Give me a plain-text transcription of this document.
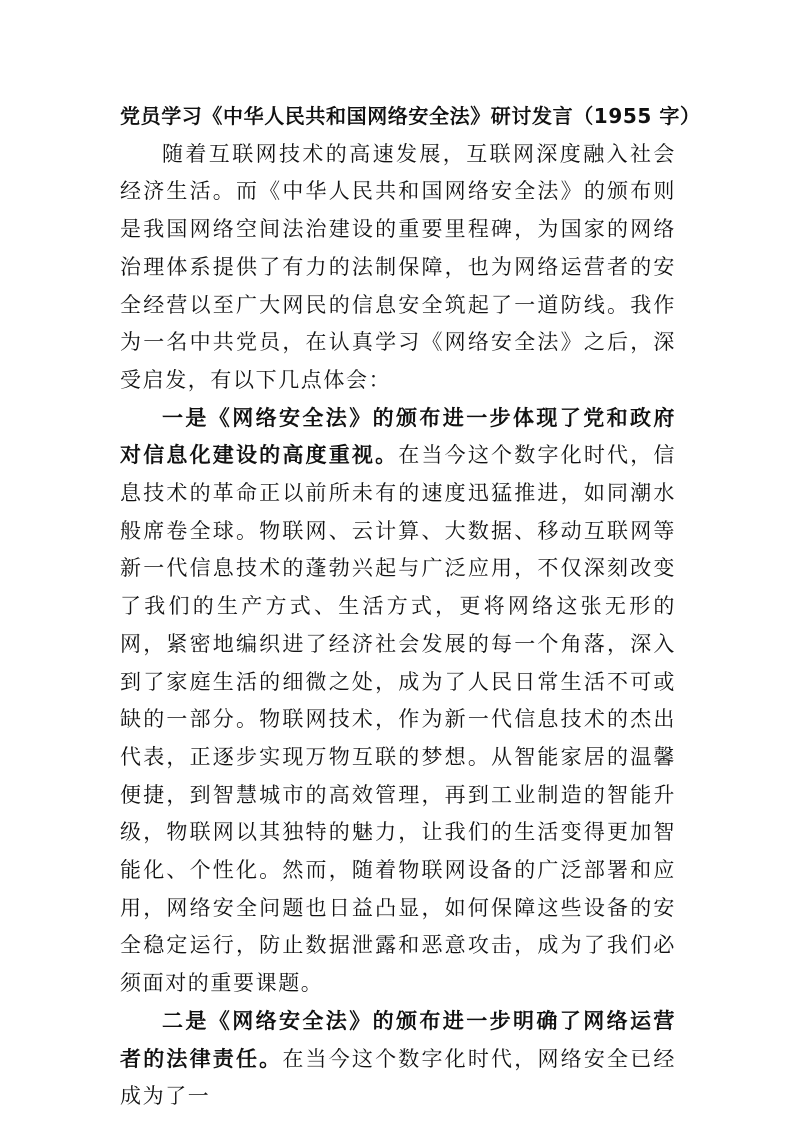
党员学习《中华人民共和国网络安全法》研讨发言（1955 字）

随着互联网技术的高速发展，互联网深度融入社会经济生活。而《中华人民共和国网络安全法》的颁布则是我国网络空间法治建设的重要里程碑，为国家的网络治理体系提供了有力的法制保障，也为网络运营者的安全经营以至广大网民的信息安全筑起了一道防线。我作为一名中共党员，在认真学习《网络安全法》之后，深受启发，有以下几点体会：

一是《网络安全法》的颁布进一步体现了党和政府对信息化建设的高度重视。在当今这个数字化时代，信息技术的革命正以前所未有的速度迅猛推进，如同潮水般席卷全球。物联网、云计算、大数据、移动互联网等新一代信息技术的蓬勃兴起与广泛应用，不仅深刻改变了我们的生产方式、生活方式，更将网络这张无形的网，紧密地编织进了经济社会发展的每一个角落，深入到了家庭生活的细微之处，成为了人民日常生活不可或缺的一部分。物联网技术，作为新一代信息技术的杰出代表，正逐步实现万物互联的梦想。从智能家居的温馨便捷，到智慧城市的高效管理，再到工业制造的智能升级，物联网以其独特的魅力，让我们的生活变得更加智能化、个性化。然而，随着物联网设备的广泛部署和应用，网络安全问题也日益凸显，如何保障这些设备的安全稳定运行，防止数据泄露和恶意攻击，成为了我们必须面对的重要课题。

二是《网络安全法》的颁布进一步明确了网络运营者的法律责任。在当今这个数字化时代，网络安全已经成为了一
